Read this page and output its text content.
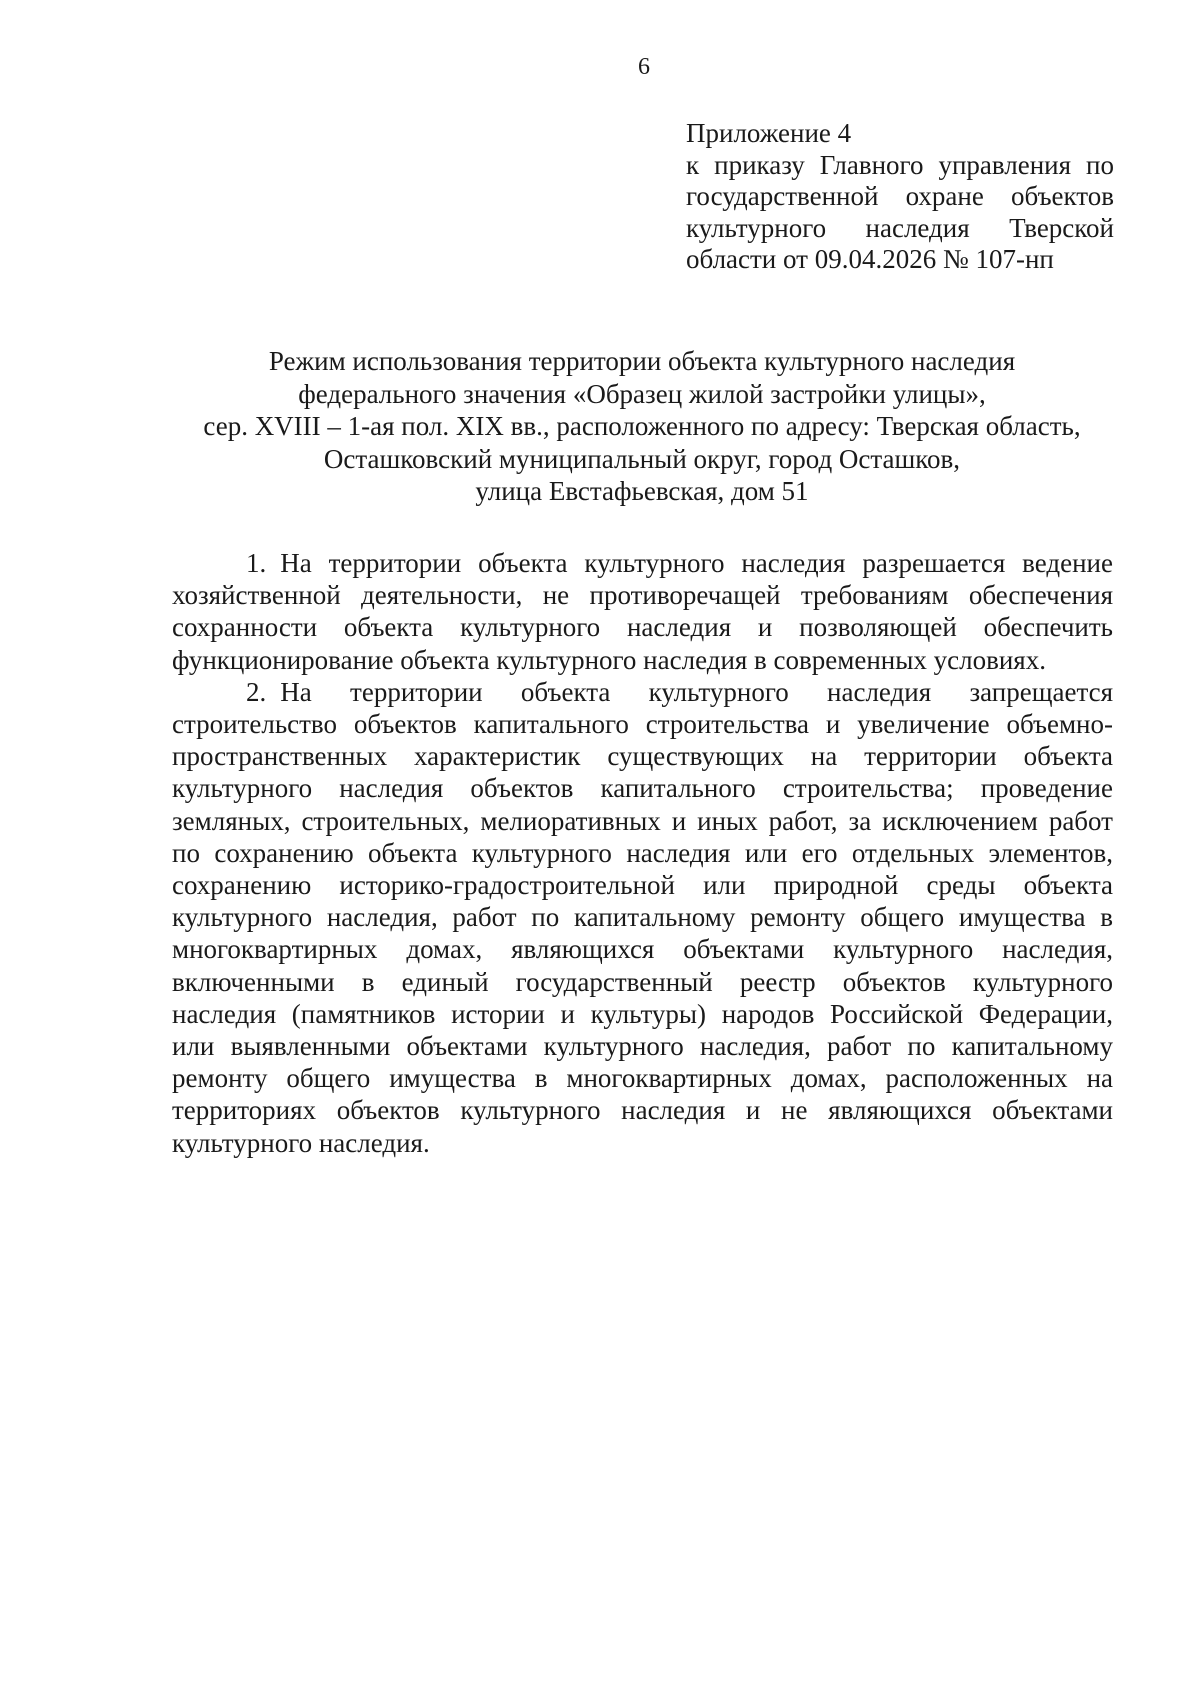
6
Приложение 4
к приказу Главного управления по
государственной охране объектов
культурного наследия Тверской
области от 09.04.2026 № 107-нп
Режим использования территории объекта культурного наследия
федерального значения «Образец жилой застройки улицы»,
сер. XVIII – 1-ая пол. XIX вв., расположенного по адресу: Тверская область,
Осташковский муниципальный округ, город Осташков,
улица Евстафьевская, дом 51
1. На территории объекта культурного наследия разрешается ведение
хозяйственной деятельности, не противоречащей требованиям обеспечения
сохранности объекта культурного наследия и позволяющей обеспечить
функционирование объекта культурного наследия в современных условиях.
2. На территории объекта культурного наследия запрещается
строительство объектов капитального строительства и увеличение объемно-
пространственных характеристик существующих на территории объекта
культурного наследия объектов капитального строительства; проведение
земляных, строительных, мелиоративных и иных работ, за исключением работ
по сохранению объекта культурного наследия или его отдельных элементов,
сохранению историко-градостроительной или природной среды объекта
культурного наследия, работ по капитальному ремонту общего имущества в
многоквартирных домах, являющихся объектами культурного наследия,
включенными в единый государственный реестр объектов культурного
наследия (памятников истории и культуры) народов Российской Федерации,
или выявленными объектами культурного наследия, работ по капитальному
ремонту общего имущества в многоквартирных домах, расположенных на
территориях объектов культурного наследия и не являющихся объектами
культурного наследия.
